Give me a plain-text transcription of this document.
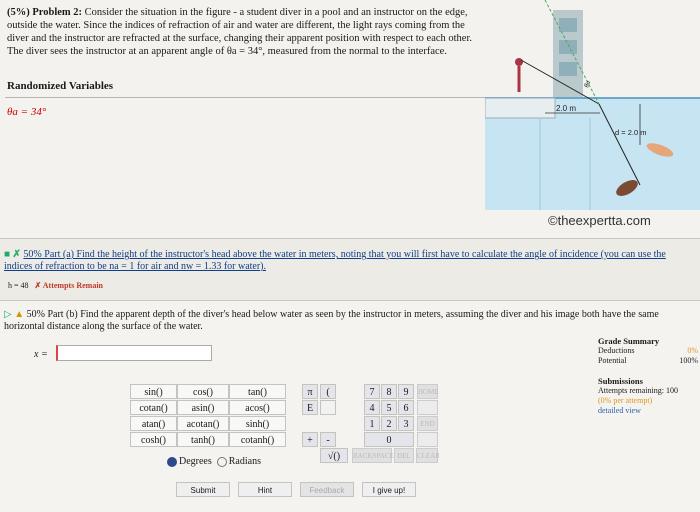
(5%) Problem 2: Consider the situation in the figure - a student diver in a pool and an instructor on the edge, outside the water. Since the indices of refraction of air and water are different, the light rays coming from the diver and the instructor are refracted at the surface, changing their apparent position with respect to each other. The diver sees the instructor at an apparent angle of θa = 34°, measured from the normal to the interface.
Randomized Variables
θa = 34°
©theexpertta.com
2.0 m
d = 2.0 m
θa
■ ✗ 50% Part (a) Find the height of the instructor's head above the water in meters, noting that you will first have to calculate the angle of incidence (you can use the indices of refraction to be na = 1 for air and nw = 1.33 for water).
h = 48 ✗ Attempts Remain
▷ ▲ 50% Part (b) Find the apparent depth of the diver's head below water as seen by the instructor in meters, assuming the diver and his image both have the same horizontal distance along the surface of the water.
x =
sin()	cos()	tan()
cotan()	asin()	acos()
atan()	acotan()	sinh()
cosh()	tanh()	cotanh()
π	(
E
+	-
√()
7	8	9
4	5	6
1	2	3
0
HOME
END
BACKSPACE DEL CLEAR
Degrees Radians
Submit	Hint	Feedback	I give up!
Grade Summary
Deductions	0%
Potential	100%
Submissions
Attempts remaining: 100
(0% per attempt)
detailed view
